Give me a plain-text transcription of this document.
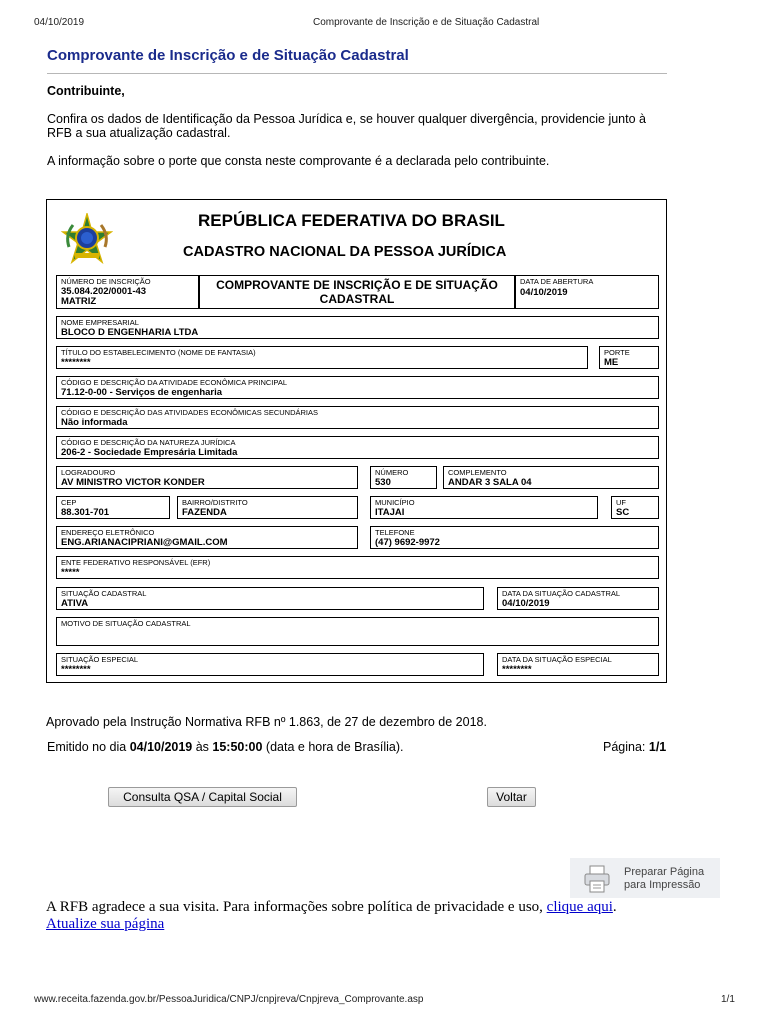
04/10/2019	Comprovante de Inscrição e de Situação Cadastral
Comprovante de Inscrição e de Situação Cadastral
Contribuinte,
Confira os dados de Identificação da Pessoa Jurídica e, se houver qualquer divergência, providencie junto à
RFB a sua atualização cadastral.
A informação sobre o porte que consta neste comprovante é a declarada pelo contribuinte.
REPÚBLICA FEDERATIVA DO BRASIL
CADASTRO NACIONAL DA PESSOA JURÍDICA
NÚMERO DE INSCRIÇÃO
35.084.202/0001-43
MATRIZ
COMPROVANTE DE INSCRIÇÃO E DE SITUAÇÃO
CADASTRAL
DATA DE ABERTURA
04/10/2019
NOME EMPRESARIAL
BLOCO D ENGENHARIA LTDA
TÍTULO DO ESTABELECIMENTO (NOME DE FANTASIA)
********
PORTE
ME
CÓDIGO E DESCRIÇÃO DA ATIVIDADE ECONÔMICA PRINCIPAL
71.12-0-00 - Serviços de engenharia
CÓDIGO E DESCRIÇÃO DAS ATIVIDADES ECONÔMICAS SECUNDÁRIAS
Não informada
CÓDIGO E DESCRIÇÃO DA NATUREZA JURÍDICA
206-2 - Sociedade Empresária Limitada
LOGRADOURO
AV MINISTRO VICTOR KONDER
NÚMERO
530
COMPLEMENTO
ANDAR 3 SALA 04
CEP
88.301-701
BAIRRO/DISTRITO
FAZENDA
MUNICÍPIO
ITAJAI
UF
SC
ENDEREÇO ELETRÔNICO
ENG.ARIANACIPRIANI@GMAIL.COM
TELEFONE
(47) 9692-9972
ENTE FEDERATIVO RESPONSÁVEL (EFR)
*****
SITUAÇÃO CADASTRAL
ATIVA
DATA DA SITUAÇÃO CADASTRAL
04/10/2019
MOTIVO DE SITUAÇÃO CADASTRAL
SITUAÇÃO ESPECIAL
********
DATA DA SITUAÇÃO ESPECIAL
********
Aprovado pela Instrução Normativa RFB nº 1.863, de 27 de dezembro de 2018.
Emitido no dia 04/10/2019 às 15:50:00 (data e hora de Brasília).	Página: 1/1
Consulta QSA / Capital Social	Voltar
Preparar Página
para Impressão
A RFB agradece a sua visita. Para informações sobre política de privacidade e uso, clique aqui.
Atualize sua página
www.receita.fazenda.gov.br/PessoaJuridica/CNPJ/cnpjreva/Cnpjreva_Comprovante.asp	1/1
